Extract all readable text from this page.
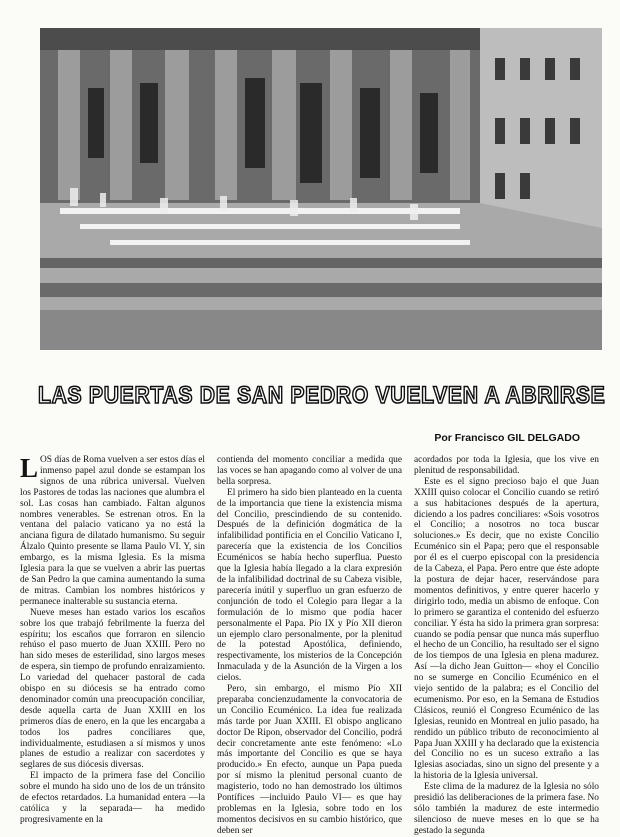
LAS PUERTAS DE SAN PEDRO VUELVEN A ABRIRSE
Por Francisco GIL DELGADO

LOS días de Roma vuelven a ser estos días el inmenso papel azul donde se estampan los signos de una rúbrica universal. Vuelven los Pastores de todas las naciones que alumbra el sol. Las cosas han cambiado. Faltan algunos nombres venerables. Se estrenan otros. En la ventana del palacio vaticano ya no está la anciana figura de dilatado humanismo. Su seguir Álzalo Quinto presente se llama Paulo VI. Y, sin embargo, es la misma Iglesia. Es la misma Iglesia para la que se vuelven a abrir las puertas de San Pedro la que camina aumentando la suma de mitras. Cambian los nombres históricos y permanece inalterable su sustancia eterna.

Nueve meses han estado varios los escaños sobre los que trabajó febrilmente la fuerza del espíritu; los escaños que forraron en silencio rehúso el paso muerto de Juan XXIII. Pero no han sido meses de esterilidad, sino largos meses de espera, sin tiempo de profundo enraizamiento. Lo variedad del quehacer pastoral de cada obispo en su diócesis se ha entrado como denominador común una preocupación conciliar, desde aquella carta de Juan XXIII en los primeros días de enero, en la que les encargaba a todos los padres conciliares que, individualmente, estudiasen a sí mismos y unos planes de estudio a realizar con sacerdotes y seglares de sus diócesis diversas.

El impacto de la primera fase del Concilio sobre el mundo ha sido uno de los de un tránsito de efectos retardados. La humanidad entera —la católica y la separada— ha medido progresivamente en la

contienda del momento conciliar a medida que las voces se han apagando como al volver de una bella sorpresa.

El primero ha sido bien planteado en la cuenta de la importancia que tiene la existencia misma del Concilio, prescindiendo de su contenido. Después de la definición dogmática de la infalibilidad pontificia en el Concilio Vaticano I, parecería que la existencia de los Concilios Ecuménicos se había hecho superflua. Puesto que la Iglesia había llegado a la clara expresión de la infalibilidad doctrinal de su Cabeza visible, parecería inútil y superfluo un gran esfuerzo de conjunción de todo el Colegio para llegar a la formulación de lo mismo que podía hacer personalmente el Papa. Pío IX y Pío XII dieron un ejemplo claro personalmente, por la plenitud de la potestad Apostólica, definiendo, respectivamente, los misterios de la Concepción Inmaculada y de la Asunción de la Virgen a los cielos.

Pero, sin embargo, el mismo Pío XII preparaba concienzudamente la convocatoria de un Concilio Ecuménico. La idea fue realizada más tarde por Juan XXIII. El obispo anglicano doctor De Ripon, observador del Concilio, podrá decir concretamente ante este fenómeno: «Lo más importante del Concilio es que se haya producido.» En efecto, aunque un Papa pueda por sí mismo la plenitud personal cuanto de magisterio, todo no han demostrado los últimos Pontífices —incluido Paulo VI— es que hay problemas en la Iglesia, sobre todo en los momentos decisivos en su cambio histórico, que deben ser

acordados por toda la Iglesia, que los vive en plenitud de responsabilidad.

Este es el signo precioso bajo el que Juan XXIII quiso colocar el Concilio cuando se retiró a sus habitaciones después de la apertura, diciendo a los padres conciliares: «Sois vosotros el Concilio; a nosotros no toca buscar soluciones.» Es decir, que no existe Concilio Ecuménico sin el Papa; pero que el responsable por él es el cuerpo episcopal con la presidencia de la Cabeza, el Papa. Pero entre que éste adopte la postura de dejar hacer, reservándose para momentos definitivos, y entre querer hacerlo y dirigirlo todo, media un abismo de enfoque. Con lo primero se garantiza el contenido del esfuerzo conciliar. Y ésta ha sido la primera gran sorpresa: cuando se podía pensar que nunca más superfluo el hecho de un Concilio, ha resultado ser el signo de los tiempos de una Iglesia en plena madurez. Así —la dicho Jean Guitton— «hoy el Concilio no se sumerge en Concilio Ecuménico en el viejo sentido de la palabra; es el Concilio del ecumenismo. Por eso, en la Semana de Estudios Clásicos, reunió el Congreso Ecuménico de las Iglesias, reunido en Montreal en julio pasado, ha rendido un público tributo de reconocimiento al Papa Juan XXIII y ha declarado que la existencia del Concilio no es un suceso extraño a las Iglesias asociadas, sino un signo del presente y a la historia de la Iglesia universal.

Este clima de la madurez de la Iglesia no sólo presidió las deliberaciones de la primera fase. No sólo también la madurez de este intermedio silencioso de nueve meses en lo que se ha gestado la segunda
